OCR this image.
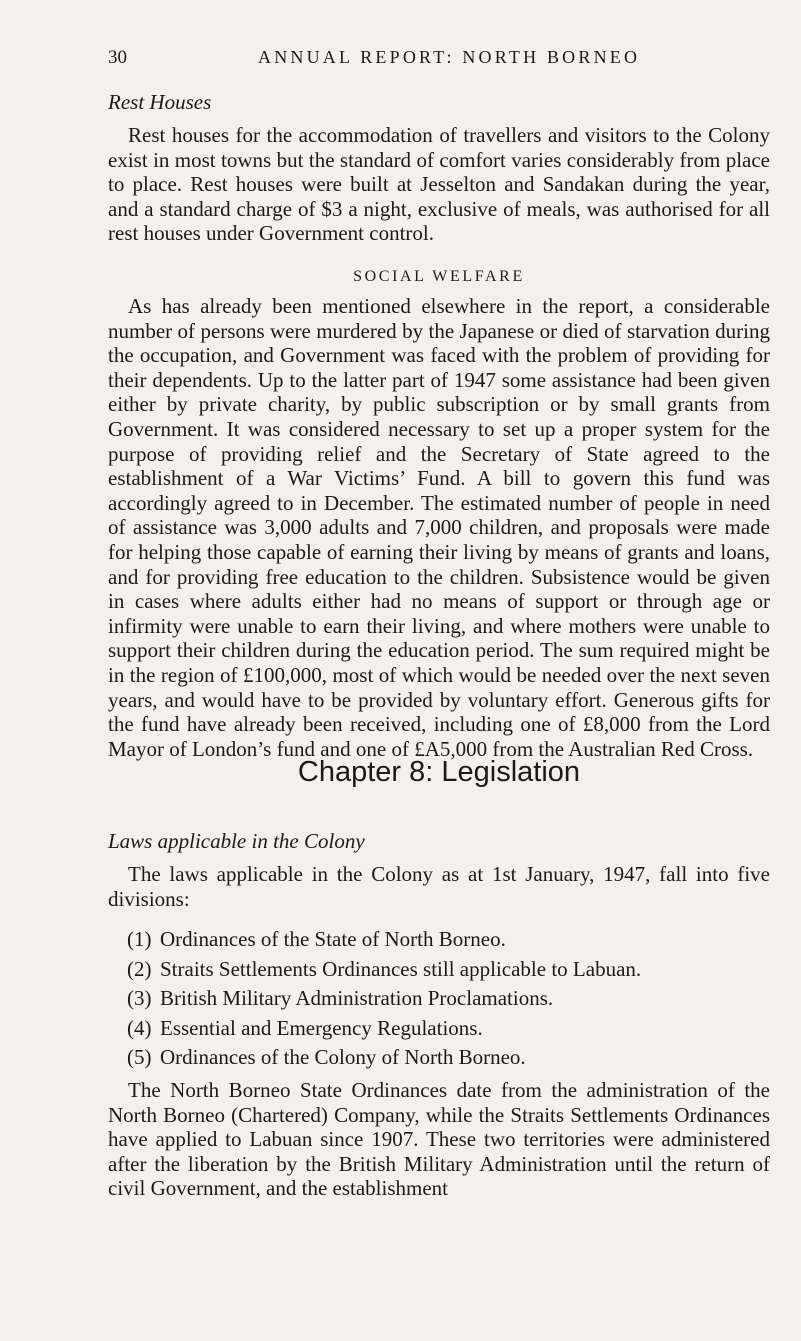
30	ANNUAL REPORT: NORTH BORNEO
Rest Houses

Rest houses for the accommodation of travellers and visitors to the Colony exist in most towns but the standard of comfort varies considerably from place to place. Rest houses were built at Jesselton and Sandakan during the year, and a standard charge of $3 a night, exclusive of meals, was authorised for all rest houses under Government control.

SOCIAL WELFARE

As has already been mentioned elsewhere in the report, a considerable number of persons were murdered by the Japanese or died of starvation during the occupation, and Government was faced with the problem of providing for their dependents. Up to the latter part of 1947 some assistance had been given either by private charity, by public subscription or by small grants from Government. It was considered necessary to set up a proper system for the purpose of providing relief and the Secretary of State agreed to the establishment of a War Victims’ Fund. A bill to govern this fund was accordingly agreed to in December. The estimated number of people in need of assistance was 3,000 adults and 7,000 children, and proposals were made for helping those capable of earning their living by means of grants and loans, and for providing free education to the children. Subsistence would be given in cases where adults either had no means of support or through age or infirmity were unable to earn their living, and where mothers were unable to support their children during the education period. The sum required might be in the region of £100,000, most of which would be needed over the next seven years, and would have to be provided by voluntary effort. Generous gifts for the fund have already been received, including one of £8,000 from the Lord Mayor of London’s fund and one of £A5,000 from the Australian Red Cross.

Chapter 8: Legislation
Laws applicable in the Colony

The laws applicable in the Colony as at 1st January, 1947, fall into five divisions:

(1) Ordinances of the State of North Borneo.
(2) Straits Settlements Ordinances still applicable to Labuan.
(3) British Military Administration Proclamations.
(4) Essential and Emergency Regulations.
(5) Ordinances of the Colony of North Borneo.

The North Borneo State Ordinances date from the administration of the North Borneo (Chartered) Company, while the Straits Settlements Ordinances have applied to Labuan since 1907. These two territories were administered after the liberation by the British Military Administration until the return of civil Government, and the establishment
